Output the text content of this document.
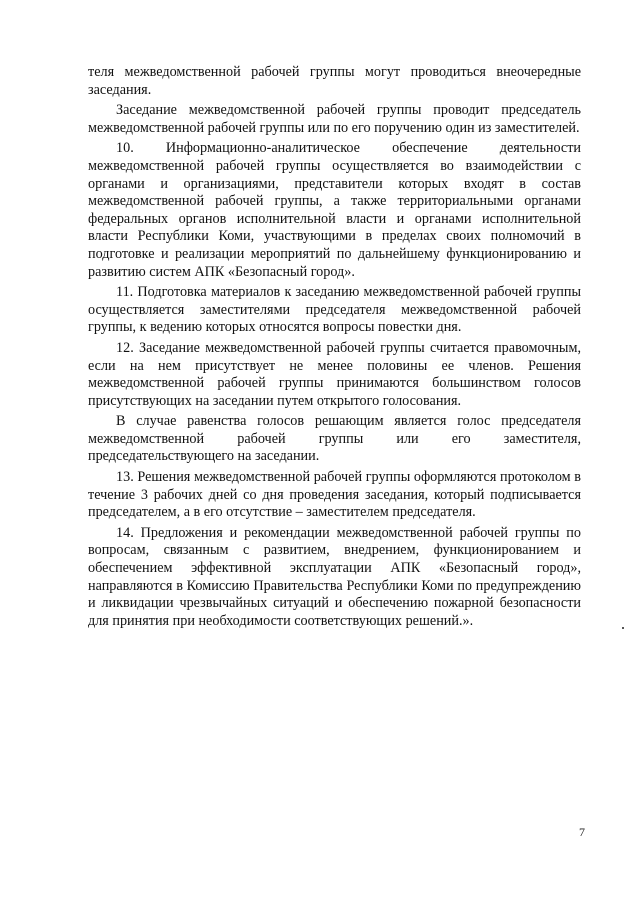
теля межведомственной рабочей группы могут проводиться внеочередные заседания.

Заседание межведомственной рабочей группы проводит председатель межведомственной рабочей группы или по его поручению один из заместителей.

10. Информационно-аналитическое обеспечение деятельности межведомственной рабочей группы осуществляется во взаимодействии с органами и организациями, представители которых входят в состав межведомственной рабочей группы, а также территориальными органами федеральных органов исполнительной власти и органами исполнительной власти Республики Коми, участвующими в пределах своих полномочий в подготовке и реализации мероприятий по дальнейшему функционированию и развитию систем АПК «Безопасный город».

11. Подготовка материалов к заседанию межведомственной рабочей группы осуществляется заместителями председателя межведомственной рабочей группы, к ведению которых относятся вопросы повестки дня.

12. Заседание межведомственной рабочей группы считается правомочным, если на нем присутствует не менее половины ее членов. Решения межведомственной рабочей группы принимаются большинством голосов присутствующих на заседании путем открытого голосования.

В случае равенства голосов решающим является голос председателя межведомственной рабочей группы или его заместителя, председательствующего на заседании.

13. Решения межведомственной рабочей группы оформляются протоколом в течение 3 рабочих дней со дня проведения заседания, который подписывается председателем, а в его отсутствие – заместителем председателя.

14. Предложения и рекомендации межведомственной рабочей группы по вопросам, связанным с развитием, внедрением, функционированием и обеспечением эффективной эксплуатации АПК «Безопасный город», направляются в Комиссию Правительства Республики Коми по предупреждению и ликвидации чрезвычайных ситуаций и обеспечению пожарной безопасности для принятия при необходимости соответствующих решений.».

7
